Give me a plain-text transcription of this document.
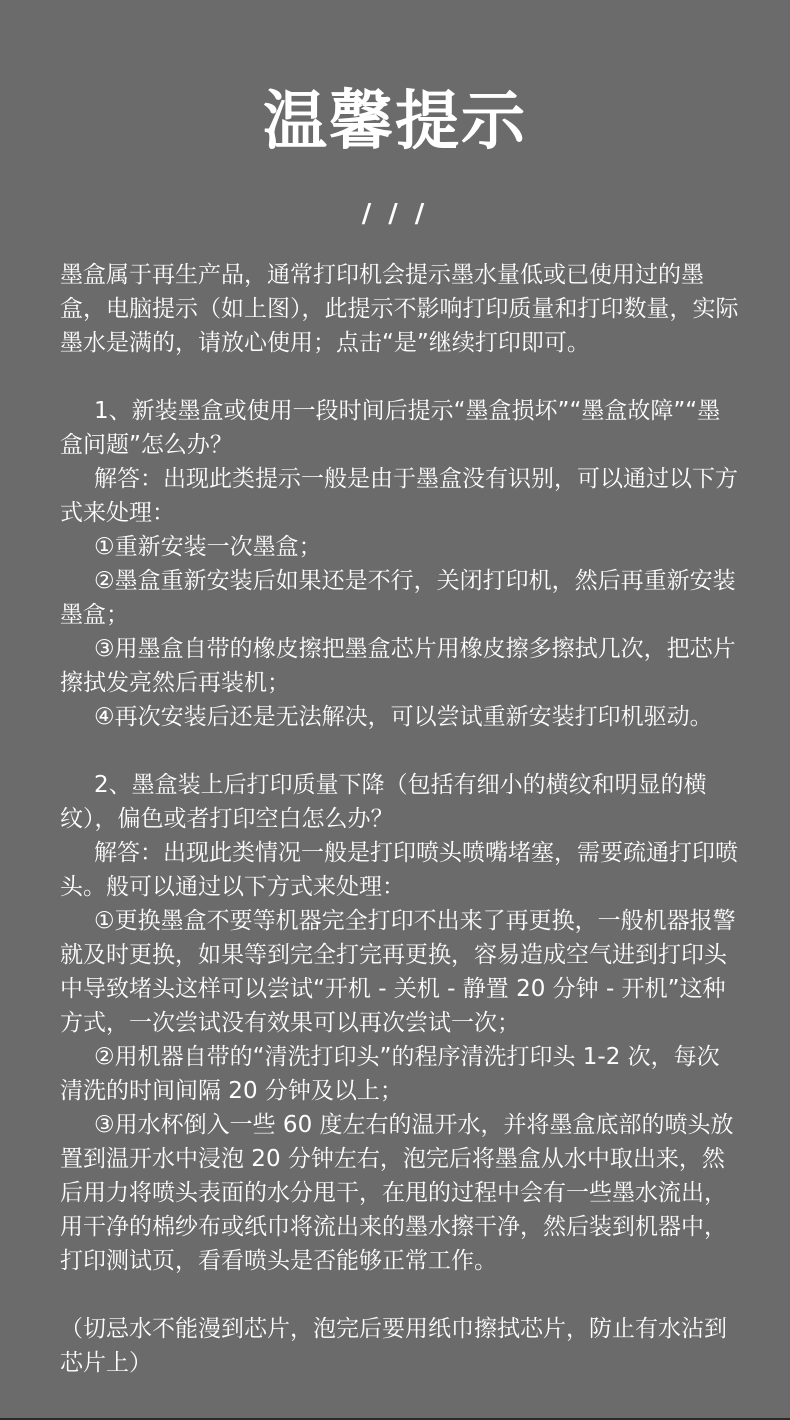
温馨提示
/ / /

墨盒属于再生产品，通常打印机会提示墨水量低或已使用过的墨盒，电脑提示（如上图），此提示不影响打印质量和打印数量，实际墨水是满的，请放心使用；点击“是”继续打印即可。

1、新装墨盒或使用一段时间后提示“墨盒损坏”“墨盒故障”“墨盒问题”怎么办？

解答：出现此类提示一般是由于墨盒没有识别，可以通过以下方式来处理：

①重新安装一次墨盒；

②墨盒重新安装后如果还是不行，关闭打印机，然后再重新安装墨盒；

③用墨盒自带的橡皮擦把墨盒芯片用橡皮擦多擦拭几次，把芯片擦拭发亮然后再装机；

④再次安装后还是无法解决，可以尝试重新安装打印机驱动。

2、墨盒装上后打印质量下降（包括有细小的横纹和明显的横纹），偏色或者打印空白怎么办？

解答：出现此类情况一般是打印喷头喷嘴堵塞，需要疏通打印喷头。般可以通过以下方式来处理：

①更换墨盒不要等机器完全打印不出来了再更换，一般机器报警就及时更换，如果等到完全打完再更换，容易造成空气进到打印头中导致堵头这样可以尝试“开机 - 关机 - 静置 20 分钟 - 开机”这种方式，一次尝试没有效果可以再次尝试一次；

②用机器自带的“清洗打印头”的程序清洗打印头 1-2 次，每次清洗的时间间隔 20 分钟及以上；

③用水杯倒入一些 60 度左右的温开水，并将墨盒底部的喷头放置到温开水中浸泡 20 分钟左右，泡完后将墨盒从水中取出来，然后用力将喷头表面的水分甩干，在甩的过程中会有一些墨水流出，用干净的棉纱布或纸巾将流出来的墨水擦干净，然后装到机器中，打印测试页，看看喷头是否能够正常工作。

（切忌水不能漫到芯片，泡完后要用纸巾擦拭芯片，防止有水沾到芯片上）
